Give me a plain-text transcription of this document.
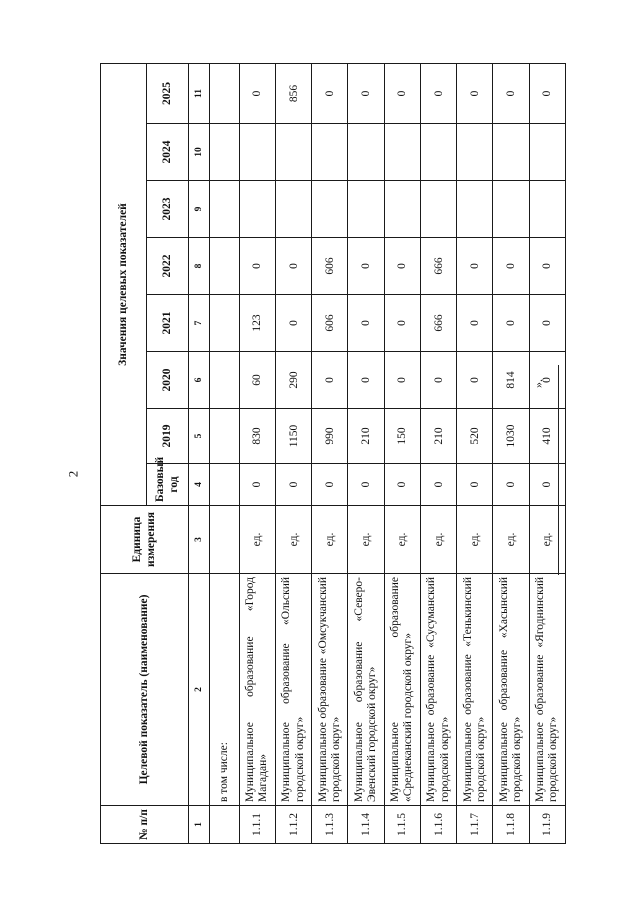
2
№ п/п	Целевой показатель (наименование)	Единица измерения	Значения целевых показателей							
			Базовый год	2019	2020	2021	2022	2023	2024	2025
1	2	3	4	5	6	7	8	9	10	11
	в том числе:									
1.1.1	Муниципальное образование «Город Магадан»	ед.	0	830	60	123	0			0
1.1.2	Муниципальное образование «Ольский городской округ»	ед.	0	1150	290	0	0			856
1.1.3	Муниципальное образование «Омсукчанский городской округ»	ед.	0	990	0	606	606			0
1.1.4	Муниципальное образование «Северо-Эвенский городской округ»	ед.	0	210	0	0	0			0
1.1.5	Муниципальное образование «Среднеканский городской округ»	ед.	0	150	0	0	0			0
1.1.6	Муниципальное образование «Сусуманский городской округ»	ед.	0	210	0	666	666			0
1.1.7	Муниципальное образование «Тенькинский городской округ»	ед.	0	520	0	0	0			0
1.1.8	Муниципальное образование «Хасынский городской округ»	ед.	0	1030	814	0	0			0
1.1.9	Муниципальное образование «Ягоднинский городской округ»	ед.	0	410	0	0	0			0
».
